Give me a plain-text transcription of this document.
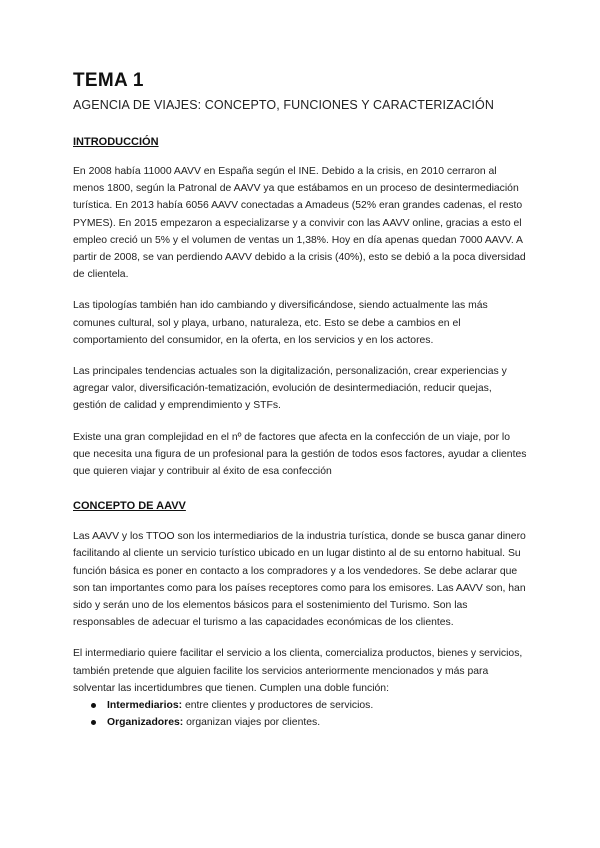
TEMA 1
AGENCIA DE VIAJES: CONCEPTO, FUNCIONES Y CARACTERIZACIÓN
INTRODUCCIÓN

En 2008 había 11000 AAVV en España según el INE. Debido a la crisis, en 2010 cerraron al menos 1800, según la Patronal de AAVV ya que estábamos en un proceso de desintermediación turística. En 2013 había 6056 AAVV conectadas a Amadeus (52% eran grandes cadenas, el resto PYMES). En 2015 empezaron a especializarse y a convivir con las AAVV online, gracias a esto el empleo creció un 5% y el volumen de ventas un 1,38%. Hoy en día apenas quedan 7000 AAVV. A partir de 2008, se van perdiendo AAVV debido a la crisis (40%), esto se debió a la poca diversidad de clientela.

Las tipologías también han ido cambiando y diversificándose, siendo actualmente las más comunes cultural, sol y playa, urbano, naturaleza, etc. Esto se debe a cambios en el comportamiento del consumidor, en la oferta, en los servicios y en los actores.

Las principales tendencias actuales son la digitalización, personalización, crear experiencias y agregar valor, diversificación-tematización, evolución de desintermediación, reducir quejas, gestión de calidad y emprendimiento y STFs.

Existe una gran complejidad en el nº de factores que afecta en la confección de un viaje, por lo que necesita una figura de un profesional para la gestión de todos esos factores, ayudar a clientes que quieren viajar y contribuir al éxito de esa confección

CONCEPTO DE AAVV

Las AAVV y los TTOO son los intermediarios de la industria turística, donde se busca ganar dinero facilitando al cliente un servicio turístico ubicado en un lugar distinto al de su entorno habitual. Su función básica es poner en contacto a los compradores y a los vendedores. Se debe aclarar que son tan importantes como para los países receptores como para los emisores. Las AAVV son, han sido y serán uno de los elementos básicos para el sostenimiento del Turismo. Son las responsables de adecuar el turismo a las capacidades económicas de los clientes.

El intermediario quiere facilitar el servicio a los clienta, comercializa productos, bienes y servicios, también pretende que alguien facilite los servicios anteriormente mencionados y más para solventar las incertidumbres que tienen. Cumplen una doble función:

Intermediarios: entre clientes y productores de servicios.
Organizadores: organizan viajes por clientes.
